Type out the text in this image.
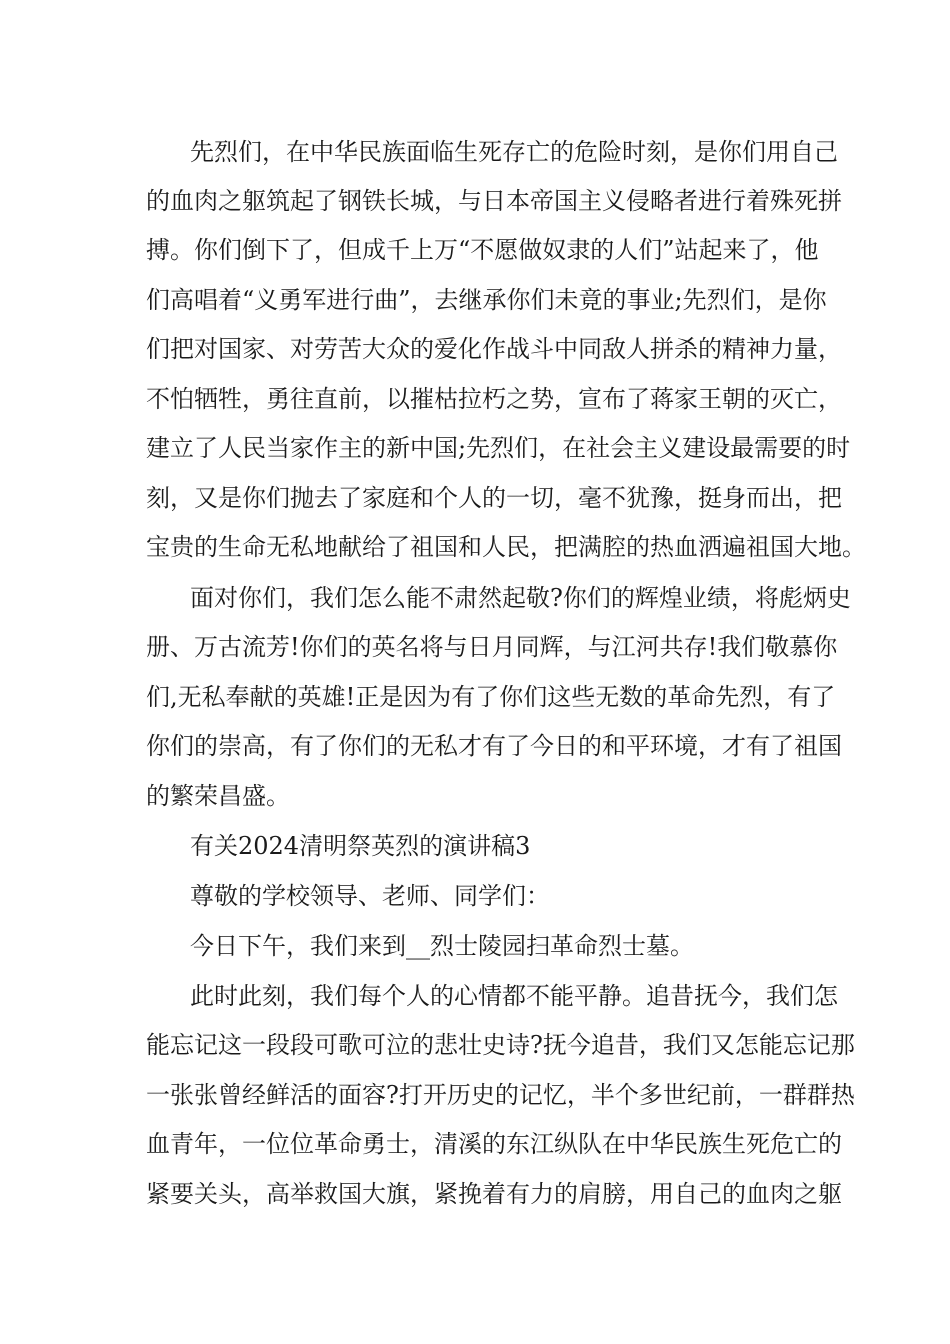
先烈们，在中华民族面临生死存亡的危险时刻，是你们用自己
的血肉之躯筑起了钢铁长城，与日本帝国主义侵略者进行着殊死拼
搏。你们倒下了，但成千上万“不愿做奴隶的人们”站起来了，他
们高唱着“义勇军进行曲”，去继承你们未竟的事业;先烈们，是你
们把对国家、对劳苦大众的爱化作战斗中同敌人拼杀的精神力量，
不怕牺牲，勇往直前，以摧枯拉朽之势，宣布了蒋家王朝的灭亡，
建立了人民当家作主的新中国;先烈们，在社会主义建设最需要的时
刻，又是你们抛去了家庭和个人的一切，毫不犹豫，挺身而出，把
宝贵的生命无私地献给了祖国和人民，把满腔的热血洒遍祖国大地。
面对你们，我们怎么能不肃然起敬?你们的辉煌业绩，将彪炳史
册、万古流芳!你们的英名将与日月同辉，与江河共存!我们敬慕你
们,无私奉献的英雄!正是因为有了你们这些无数的革命先烈，有了
你们的崇高，有了你们的无私才有了今日的和平环境，才有了祖国
的繁荣昌盛。
有关2024清明祭英烈的演讲稿3
尊敬的学校领导、老师、同学们：
今日下午，我们来到__烈士陵园扫革命烈士墓。
此时此刻，我们每个人的心情都不能平静。追昔抚今，我们怎
能忘记这一段段可歌可泣的悲壮史诗?抚今追昔，我们又怎能忘记那
一张张曾经鲜活的面容?打开历史的记忆，半个多世纪前，一群群热
血青年，一位位革命勇士，清溪的东江纵队在中华民族生死危亡的
紧要关头，高举救国大旗，紧挽着有力的肩膀，用自己的血肉之躯
